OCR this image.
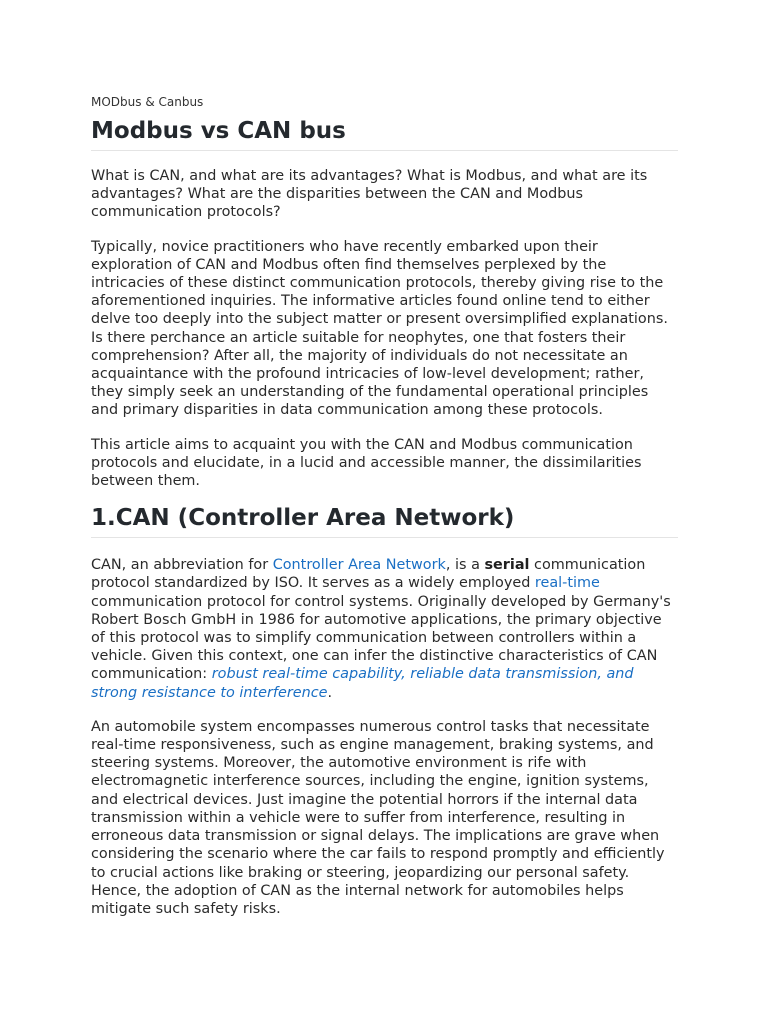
MODbus & Canbus
Modbus vs CAN bus

What is CAN, and what are its advantages? What is Modbus, and what are its advantages? What are the disparities between the CAN and Modbus communication protocols?

Typically, novice practitioners who have recently embarked upon their exploration of CAN and Modbus often find themselves perplexed by the intricacies of these distinct communication protocols, thereby giving rise to the aforementioned inquiries. The informative articles found online tend to either delve too deeply into the subject matter or present oversimplified explanations. Is there perchance an article suitable for neophytes, one that fosters their comprehension? After all, the majority of individuals do not necessitate an acquaintance with the profound intricacies of low-level development; rather, they simply seek an understanding of the fundamental operational principles and primary disparities in data communication among these protocols.

This article aims to acquaint you with the CAN and Modbus communication protocols and elucidate, in a lucid and accessible manner, the dissimilarities between them.

1.CAN (Controller Area Network)

CAN, an abbreviation for Controller Area Network, is a serial communication protocol standardized by ISO. It serves as a widely employed real-time communication protocol for control systems. Originally developed by Germany's Robert Bosch GmbH in 1986 for automotive applications, the primary objective of this protocol was to simplify communication between controllers within a vehicle. Given this context, one can infer the distinctive characteristics of CAN communication: robust real-time capability, reliable data transmission, and strong resistance to interference.

An automobile system encompasses numerous control tasks that necessitate real-time responsiveness, such as engine management, braking systems, and steering systems. Moreover, the automotive environment is rife with electromagnetic interference sources, including the engine, ignition systems, and electrical devices. Just imagine the potential horrors if the internal data transmission within a vehicle were to suffer from interference, resulting in erroneous data transmission or signal delays. The implications are grave when considering the scenario where the car fails to respond promptly and efficiently to crucial actions like braking or steering, jeopardizing our personal safety. Hence, the adoption of CAN as the internal network for automobiles helps mitigate such safety risks.
